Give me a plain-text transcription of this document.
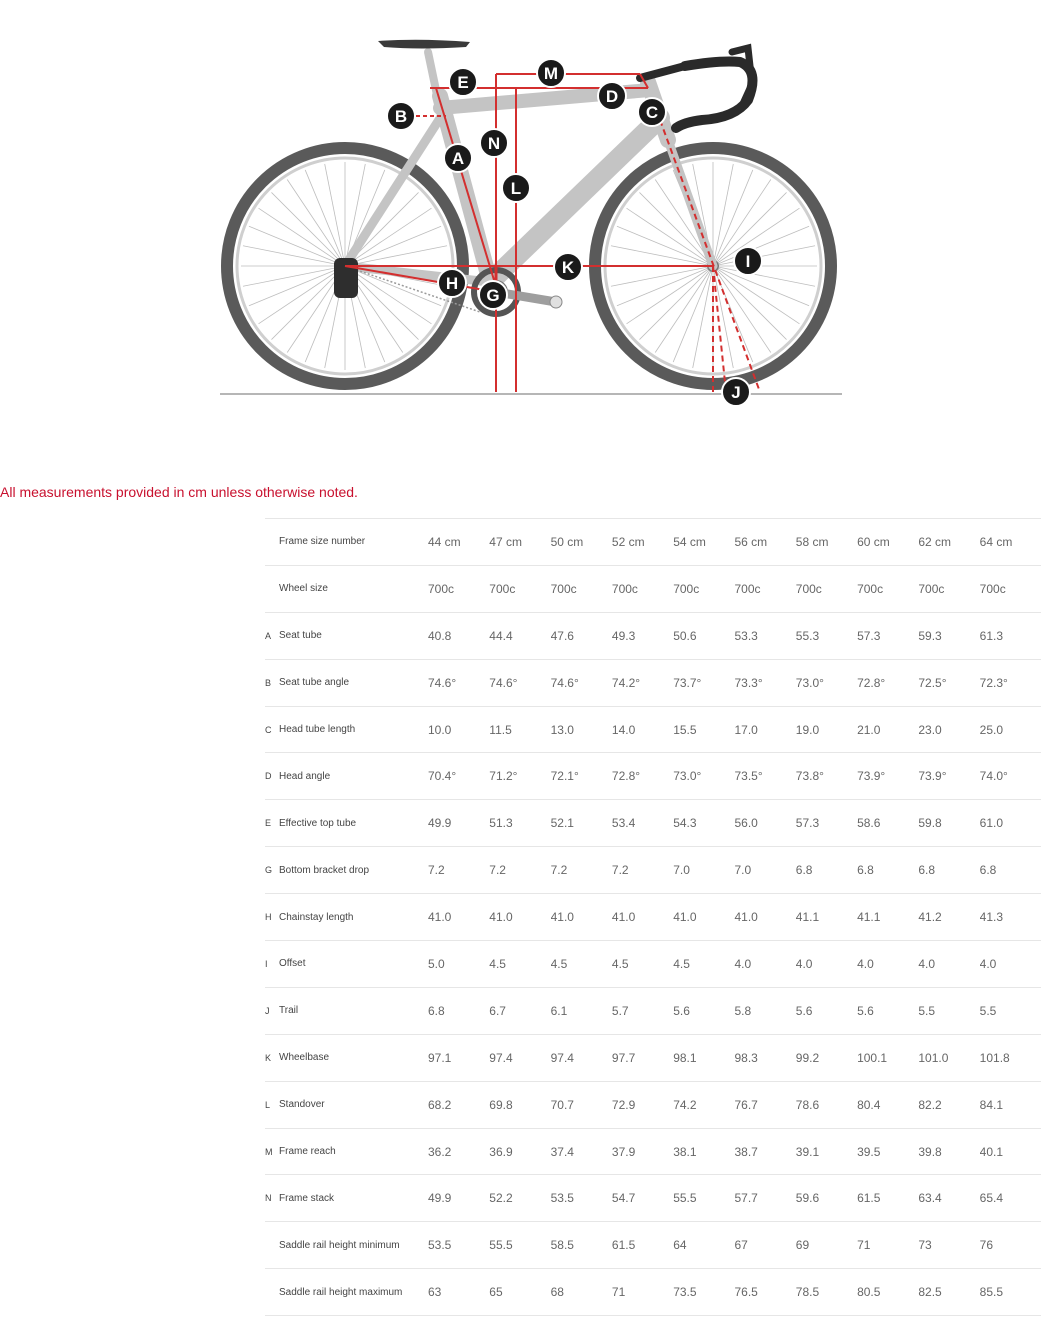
A
B	C
D
E
G
H
I
J
K
L
M
N
All measurements provided in cm unless otherwise noted.
	Frame size number	44 cm	47 cm	50 cm	52 cm	54 cm	56 cm	58 cm	60 cm	62 cm	64 cm
	Wheel size	700c	700c	700c	700c	700c	700c	700c	700c	700c	700c
A	Seat tube	40.8	44.4	47.6	49.3	50.6	53.3	55.3	57.3	59.3	61.3
B	Seat tube angle	74.6°	74.6°	74.6°	74.2°	73.7°	73.3°	73.0°	72.8°	72.5°	72.3°
C	Head tube length	10.0	11.5	13.0	14.0	15.5	17.0	19.0	21.0	23.0	25.0
D	Head angle	70.4°	71.2°	72.1°	72.8°	73.0°	73.5°	73.8°	73.9°	73.9°	74.0°
E	Effective top tube	49.9	51.3	52.1	53.4	54.3	56.0	57.3	58.6	59.8	61.0
G	Bottom bracket drop	7.2	7.2	7.2	7.2	7.0	7.0	6.8	6.8	6.8	6.8
H	Chainstay length	41.0	41.0	41.0	41.0	41.0	41.0	41.1	41.1	41.2	41.3
I	Offset	5.0	4.5	4.5	4.5	4.5	4.0	4.0	4.0	4.0	4.0
J	Trail	6.8	6.7	6.1	5.7	5.6	5.8	5.6	5.6	5.5	5.5
K	Wheelbase	97.1	97.4	97.4	97.7	98.1	98.3	99.2	100.1	101.0	101.8
L	Standover	68.2	69.8	70.7	72.9	74.2	76.7	78.6	80.4	82.2	84.1
M	Frame reach	36.2	36.9	37.4	37.9	38.1	38.7	39.1	39.5	39.8	40.1
N	Frame stack	49.9	52.2	53.5	54.7	55.5	57.7	59.6	61.5	63.4	65.4
	Saddle rail height minimum	53.5	55.5	58.5	61.5	64	67	69	71	73	76
	Saddle rail height maximum	63	65	68	71	73.5	76.5	78.5	80.5	82.5	85.5
